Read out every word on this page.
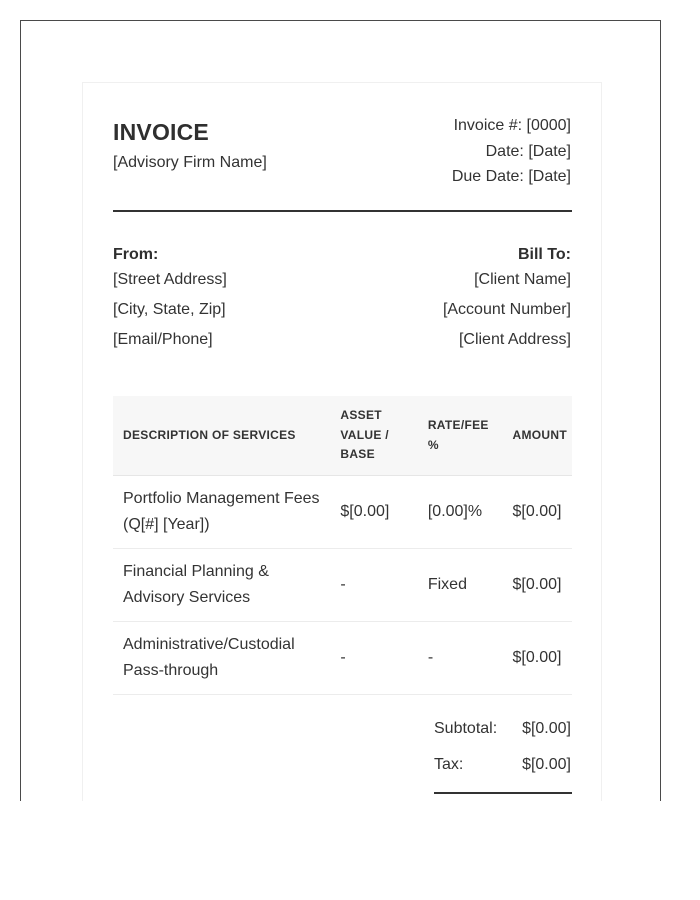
INVOICE
[Advisory Firm Name]
Invoice #: [0000]
Date: [Date]
Due Date: [Date]
From:
[Street Address]
[City, State, Zip]
[Email/Phone]
Bill To:
[Client Name]
[Account Number]
[Client Address]
DESCRIPTION OF SERVICES	ASSET VALUE / BASE	RATE/FEE %	AMOUNT
Portfolio Management Fees (Q[#] [Year])	$[0.00]	[0.00]%	$[0.00]
Financial Planning & Advisory Services	-	Fixed	$[0.00]
Administrative/Custodial Pass-through	-	-	$[0.00]
Subtotal: $[0.00]
Tax:	$[0.00]
